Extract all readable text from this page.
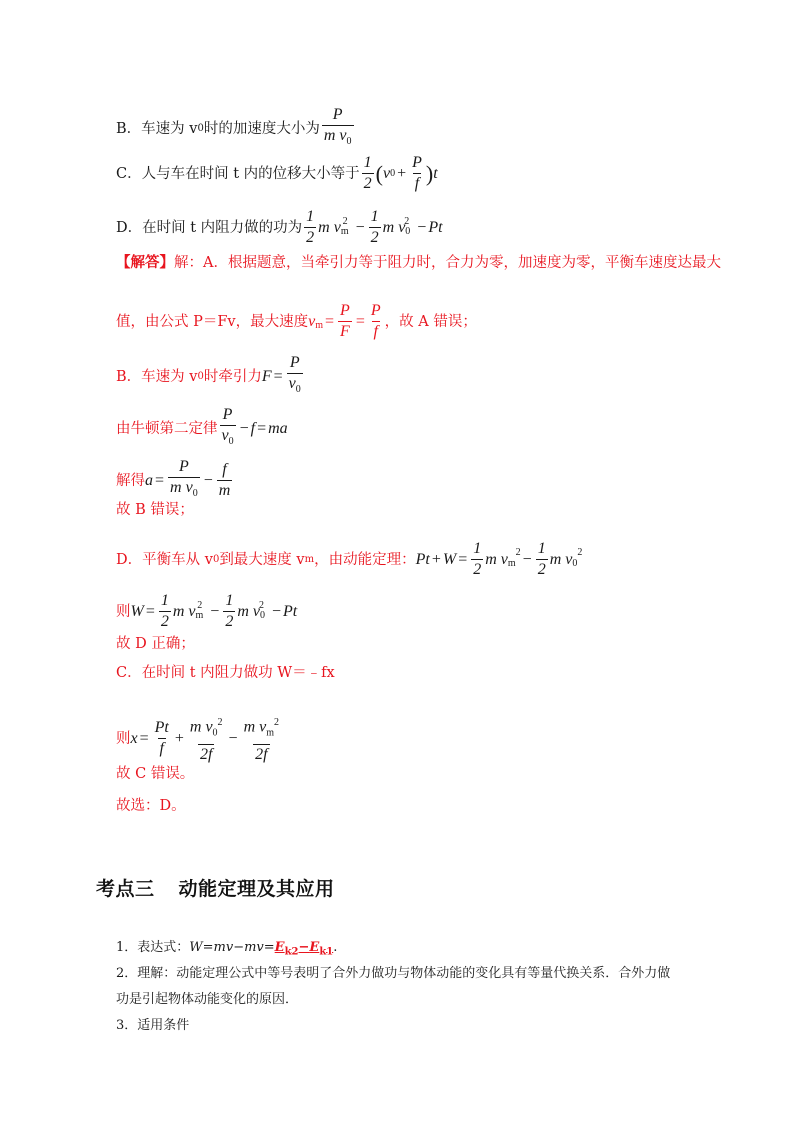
B．车速为 v 0 时的加速度大小为 $\frac{P}{m v_0}$
C．人与车在时间 t 内的位移大小等于 $\frac{1}{2}$ ( v $0 + \frac{P}{f}$ ) t
D．在时间 t 内阻力做的功为 $\frac{1}{2}$ m $v_m$
$^2 - \frac{1}{2}$ m $v_0$
$^2$ − Pt
【解答】 解：A．根据题意，当牵引力等于阻力时，合力为零，加速度为零，平衡车速度达最大
值，由公式 P＝Fv，最大速度 $v_m = \frac{P}{F} = \frac{P}{f}$ ，故 A 错误；
B．车速为 v 0 时牵引力 $F = \frac{P}{v_0}$
由牛顿第二定律 $\frac{P}{v_0} - f$ = ma
解得 $a = \frac{P}{m v_0} - \frac{f}{m}$
故 B 错误；
D．平衡车从 v 0 到最大速度 v m ，由动能定理： $Pt + W = \frac{1}{2}$ m $v_m$
$^2 - \frac{1}{2}$ m $v_0$
$^2$
则 $W = \frac{1}{2}$ m $v_m$
$^2 - \frac{1}{2}$ m $v_0$
$^2$ − Pt
故 D 正确；
C．在时间 t 内阻力做功 W＝﹣fx
则 $x = \frac{Pt}{f} + \frac{m v_0^2}{2f} - \frac{m v_m^2}{2f}$
故 C 错误。
故选：D。
考点三 动能定理及其应用
1．表达式：$W=mv-mv=E_{k2}-E_{k1}$.
2．理解：动能定理公式中等号表明了合外力做功与物体动能的变化具有等量代换关系．合外力做
功是引起物体动能变化的原因．
3．适用条件
